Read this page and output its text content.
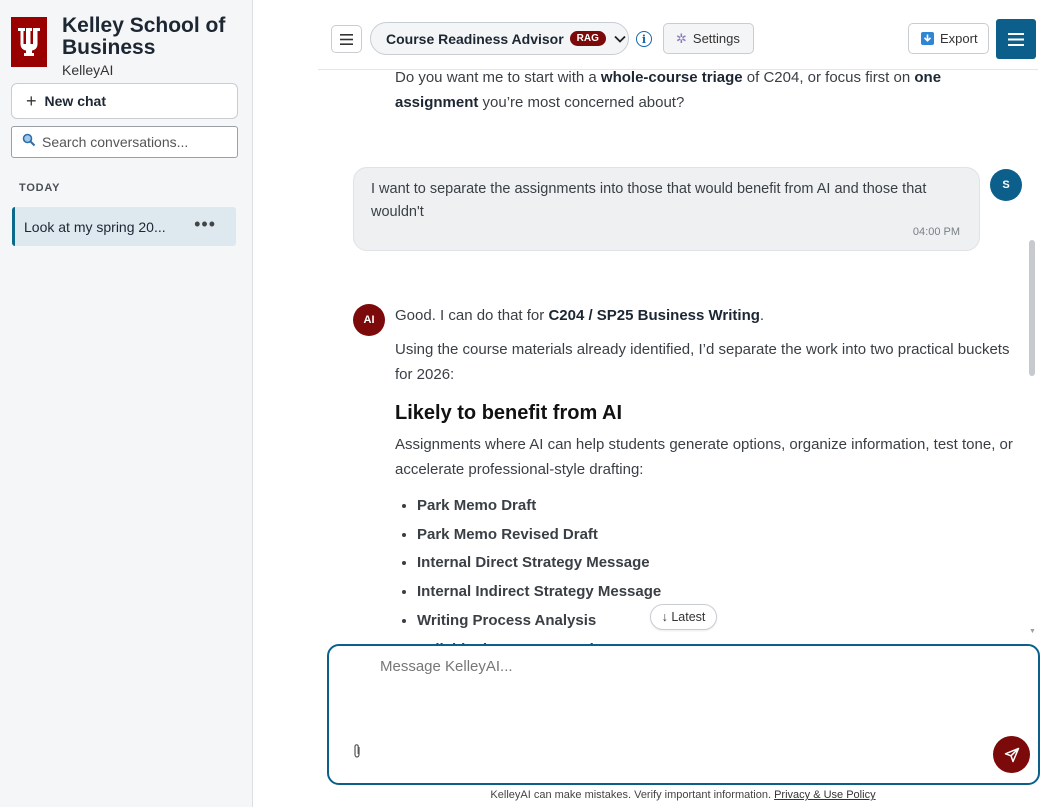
Kelley School of Business
KelleyAI
+ New chat
Search conversations...
TODAY
Look at my spring 20...	•••
Course Readiness Advisor	RAG	i	✲ Settings	Export
Do you want me to start with a whole-course triage of C204, or focus first on one assignment you’re most concerned about?
I want to separate the assignments into those that would benefit from AI and those that wouldn't
04:00 PM
S
AI	Good. I can do that for C204 / SP25 Business Writing.

Using the course materials already identified, I’d separate the work into two practical buckets for 2026:

Likely to benefit from AI

Assignments where AI can help students generate options, organize information, test tone, or accelerate professional-style drafting:

• Park Memo Draft
• Park Memo Revised Draft
• Internal Direct Strategy Message
• Internal Indirect Strategy Message
• Writing Process Analysis
•
▼
↓ Latest
Message KelleyAI...
KelleyAI can make mistakes. Verify important information. Privacy & Use Policy
